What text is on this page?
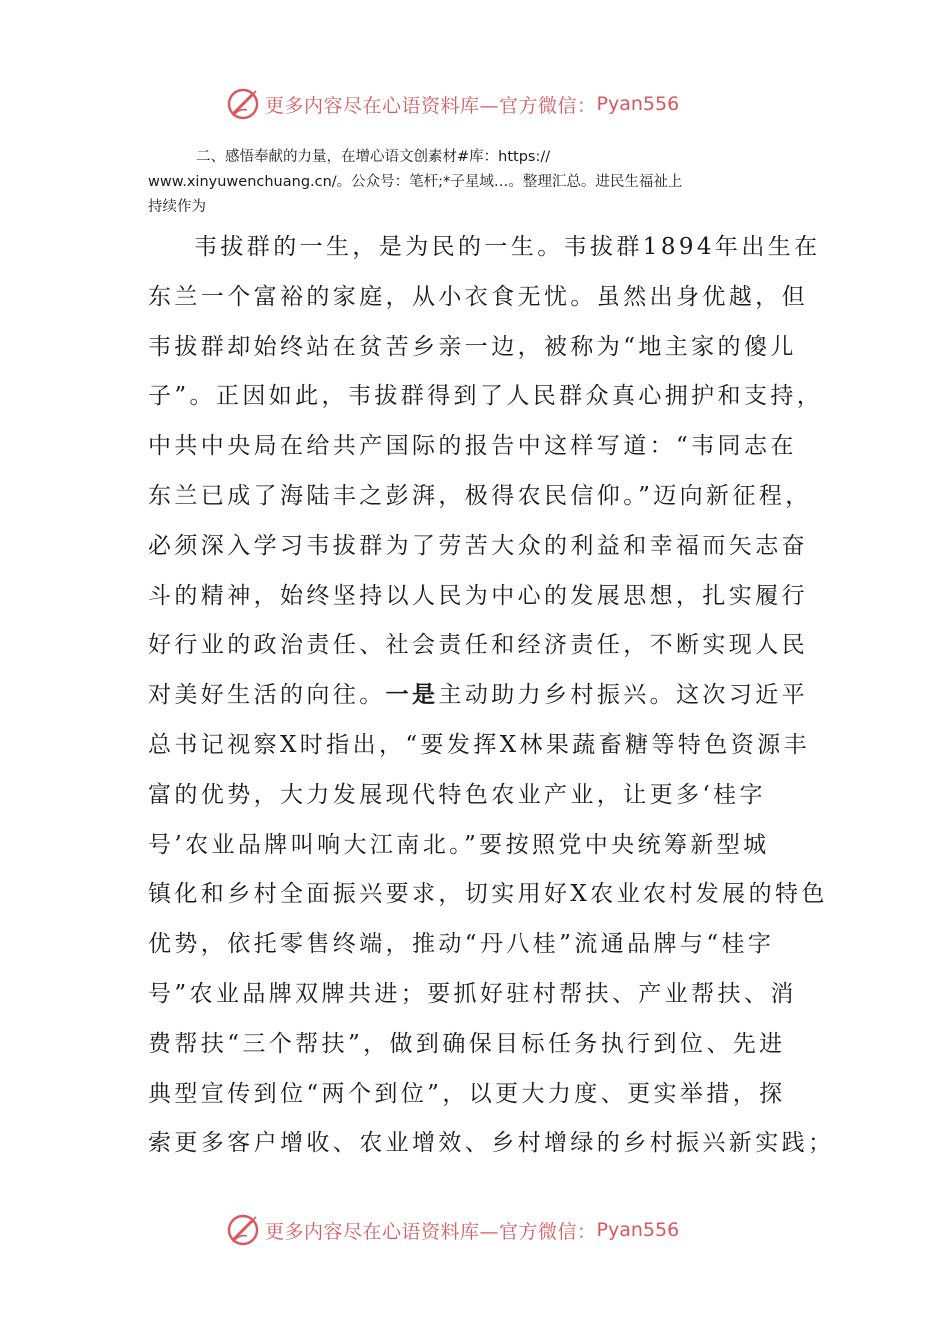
更多内容尽在心语资料库—官方微信： Pyan556
二、感悟奉献的力量，在增心语文创素材#库：https://
www.xinyuwenchuang.cn/。公众号：笔杆;*子星域…。整理汇总。进民生福祉上
持续作为
韦拔群的一生，是为民的一生。韦拔群1894年出生在
东兰一个富裕的家庭，从小衣食无忧。虽然出身优越，但
韦拔群却始终站在贫苦乡亲一边，被称为“地主家的傻儿
子”。正因如此，韦拔群得到了人民群众真心拥护和支持，
中共中央局在给共产国际的报告中这样写道：“韦同志在
东兰已成了海陆丰之彭湃，极得农民信仰。”迈向新征程，
必须深入学习韦拔群为了劳苦大众的利益和幸福而矢志奋
斗的精神，始终坚持以人民为中心的发展思想，扎实履行
好行业的政治责任、社会责任和经济责任，不断实现人民
对美好生活的向往。一是主动助力乡村振兴。这次习近平
总书记视察X时指出，“要发挥X林果蔬畜糖等特色资源丰
富的优势，大力发展现代特色农业产业，让更多‘桂字
号’农业品牌叫响大江南北。”要按照党中央统筹新型城
镇化和乡村全面振兴要求，切实用好X农业农村发展的特色
优势，依托零售终端，推动“丹八桂”流通品牌与“桂字
号”农业品牌双牌共进；要抓好驻村帮扶、产业帮扶、消
费帮扶“三个帮扶”，做到确保目标任务执行到位、先进
典型宣传到位“两个到位”，以更大力度、更实举措，探
索更多客户增收、农业增效、乡村增绿的乡村振兴新实践；
更多内容尽在心语资料库—官方微信： Pyan556
